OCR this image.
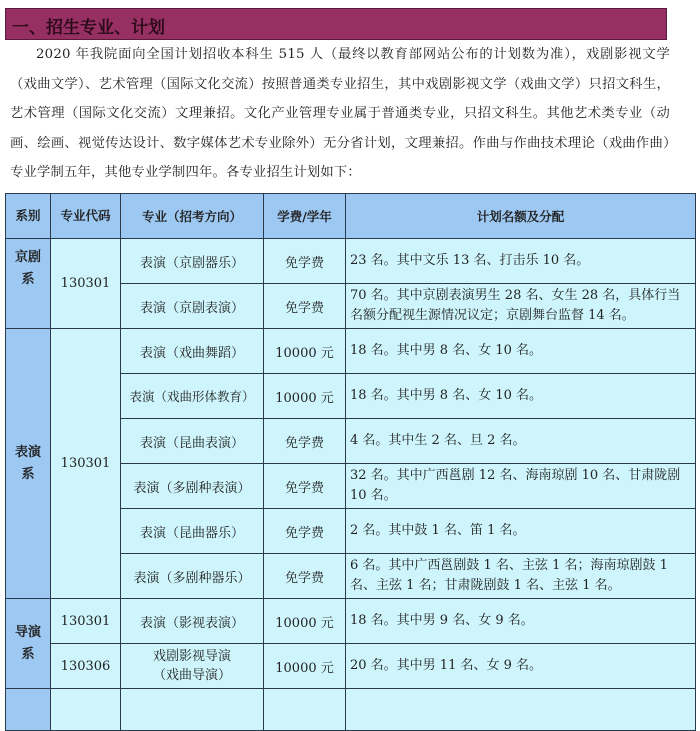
一、招生专业、计划
2020 年我院面向全国计划招收本科生 515 人（最终以教育部网站公布的计划数为准），戏剧影视文学（戏曲文学）、艺术管理（国际文化交流）按照普通类专业招生，其中戏剧影视文学（戏曲文学）只招文科生，艺术管理（国际文化交流）文理兼招。文化产业管理专业属于普通类专业，只招文科生。其他艺术类专业（动画、绘画、视觉传达设计、数字媒体艺术专业除外）无分省计划，文理兼招。作曲与作曲技术理论（戏曲作曲）专业学制五年，其他专业学制四年。各专业招生计划如下：
系别	专业代码	专业（招考方向）	学费/学年	计划名额及分配
京剧系	130301	表演（京剧器乐）	免学费	23 名。其中文乐 13 名、打击乐 10 名。
		表演（京剧表演）	免学费	70 名。其中京剧表演男生 28 名、女生 28 名，具体行当名额分配视生源情况议定；京剧舞台监督 14 名。
表演系	130301	表演（戏曲舞蹈）	10000 元	18 名。其中男 8 名、女 10 名。
		表演（戏曲形体教育）	10000 元	18 名。其中男 8 名、女 10 名。
		表演（昆曲表演）	免学费	4 名。其中生 2 名、旦 2 名。
		表演（多剧种表演）	免学费	32 名。其中广西邕剧 12 名、海南琼剧 10 名、甘肃陇剧 10 名。
		表演（昆曲器乐）	免学费	2 名。其中鼓 1 名、笛 1 名。
		表演（多剧种器乐）	免学费	6 名。其中广西邕剧鼓 1 名、主弦 1 名；海南琼剧鼓 1 名、主弦 1 名；甘肃陇剧鼓 1 名、主弦 1 名。
导演系	130301	表演（影视表演）	10000 元	18 名。其中男 9 名、女 9 名。
	130306	戏剧影视导演（戏曲导演）	10000 元	20 名。其中男 11 名、女 9 名。
